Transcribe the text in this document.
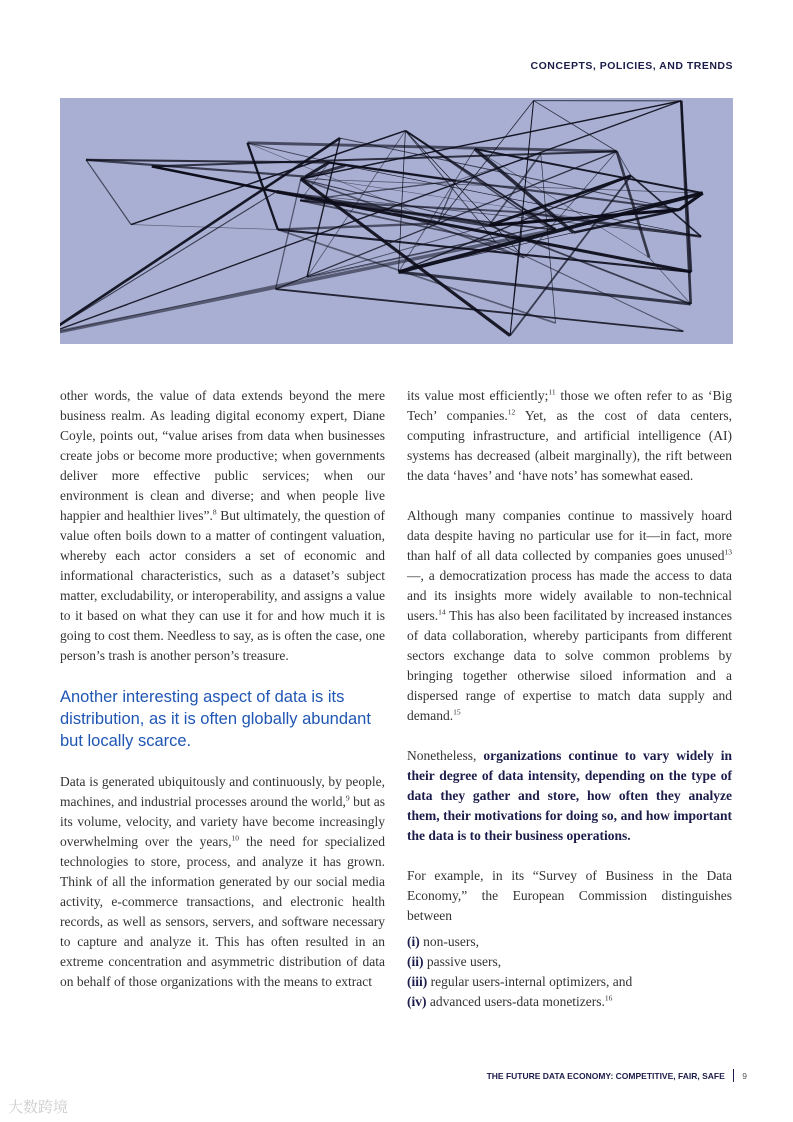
CONCEPTS, POLICIES, AND TRENDS

other words, the value of data extends beyond the mere business realm. As leading digital economy expert, Diane Coyle, points out, “value arises from data when businesses create jobs or become more productive; when governments deliver more effective public services; when our environment is clean and diverse; and when people live happier and healthier lives”.$^8$ But ultimately, the question of value often boils down to a matter of contingent valuation, whereby each actor considers a set of economic and informational characteristics, such as a dataset’s subject matter, excludability, or interoperability, and assigns a value to it based on what they can use it for and how much it is going to cost them. Needless to say, as is often the case, one person’s trash is another person’s treasure.

Another interesting aspect of data is its distribution, as it is often globally abundant but locally scarce.

Data is generated ubiquitously and continuously, by people, machines, and industrial processes around the world,$^9$ but as its volume, velocity, and variety have become increasingly overwhelming over the years,$^{10}$ the need for specialized technologies to store, process, and analyze it has grown. Think of all the information generated by our social media activity, e-commerce transactions, and electronic health records, as well as sensors, servers, and software necessary to capture and analyze it. This has often resulted in an extreme concentration and asymmetric distribution of data on behalf of those organizations with the means to extract

its value most efficiently;$^{11}$ those we often refer to as ‘Big Tech’ companies.$^{12}$ Yet, as the cost of data centers, computing infrastructure, and artificial intelligence (AI) systems has decreased (albeit marginally), the rift between the data ‘haves’ and ‘have nots’ has somewhat eased.

Although many companies continue to massively hoard data despite having no particular use for it—in fact, more than half of all data collected by companies goes unused$^{13}$—, a democratization process has made the access to data and its insights more widely available to non-technical users.$^{14}$ This has also been facilitated by increased instances of data collaboration, whereby participants from different sectors exchange data to solve common problems by bringing together otherwise siloed information and a dispersed range of expertise to match data supply and demand.$^{15}$

Nonetheless, organizations continue to vary widely in their degree of data intensity, depending on the type of data they gather and store, how often they analyze them, their motivations for doing so, and how important the data is to their business operations.

For example, in its “Survey of Business in the Data Economy,” the European Commission distinguishes between

(i) non-users,
(ii) passive users,
(iii) regular users-internal optimizers, and
(iv) advanced users-data monetizers.$^{16}$
THE FUTURE DATA ECONOMY: COMPETITIVE, FAIR, SAFE 9
大数跨境
